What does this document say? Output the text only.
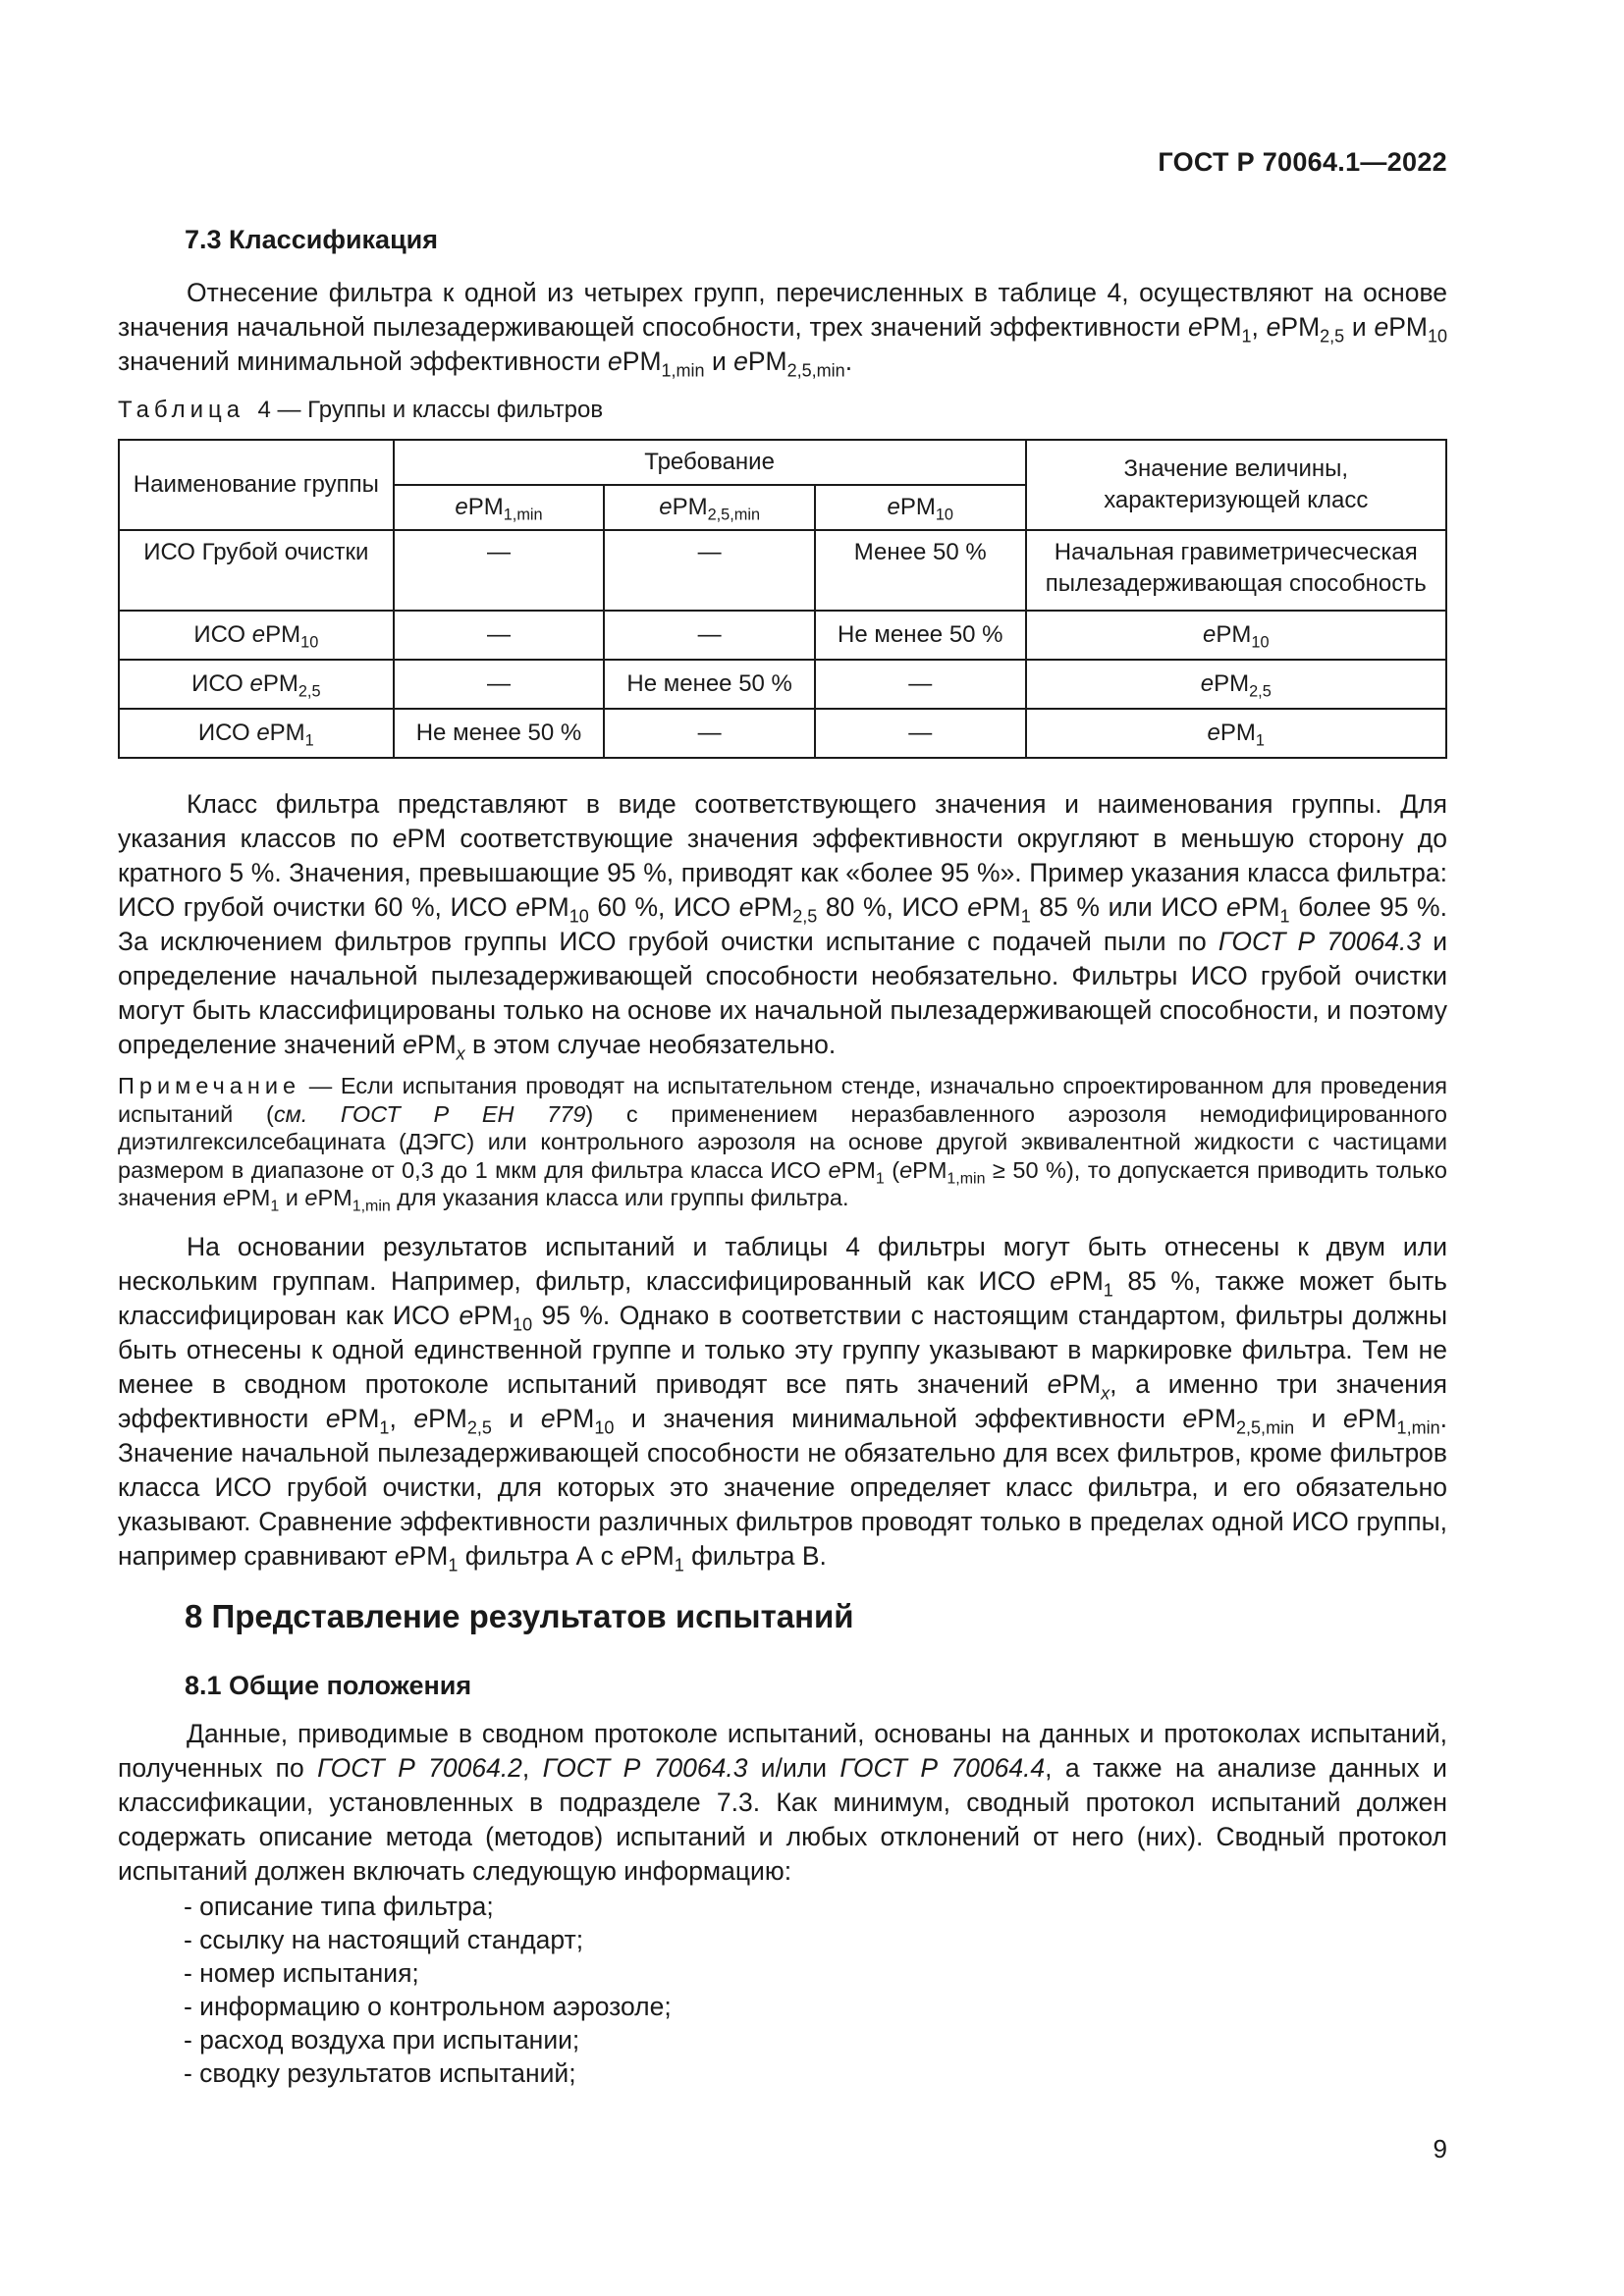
ГОСТ Р 70064.1—2022
7.3 Классификация
Отнесение фильтра к одной из четырех групп, перечисленных в таблице 4, осуществляют на основе значения начальной пылезадерживающей способности, трех значений эффективности ePM$_1$, ePM$_{2,5}$ и ePM$_{10}$ значений минимальной эффективности ePM$_{1,min}$ и ePM$_{2,5,min}$.
Таблица 4 — Группы и классы фильтров
Наименование группы	Требование			Значение величины, характеризующей класс
	ePM$_{1,min}$	ePM$_{2,5,min}$	ePM$_{10}$
ИСО Грубой очистки	—	—	Менее 50 %	Начальная гравиметричесческая пылезадерживающая способность
ИСО ePM$_{10}$	—	—	Не менее 50 %	ePM$_{10}$
ИСО ePM$_{2,5}$	—	Не менее 50 %	—	ePM$_{2,5}$
ИСО ePM$_1$	Не менее 50 %	—	—	ePM$_1$
Класс фильтра представляют в виде соответствующего значения и наименования группы. Для указания классов по ePM соответствующие значения эффективности округляют в меньшую сторону до кратного 5 %. Значения, превышающие 95 %, приводят как «более 95 %». Пример указания класса фильтра: ИСО грубой очистки 60 %, ИСО ePM$_{10}$ 60 %, ИСО ePM$_{2,5}$ 80 %, ИСО ePM$_1$ 85 % или ИСО ePM$_1$ более 95 %. За исключением фильтров группы ИСО грубой очистки испытание с подачей пыли по ГОСТ Р 70064.3 и определение начальной пылезадерживающей способности необязательно. Фильтры ИСО грубой очистки могут быть классифицированы только на основе их начальной пылезадерживающей способности, и поэтому определение значений ePM$_x$ в этом случае необязательно.
Примечание — Если испытания проводят на испытательном стенде, изначально спроектированном для проведения испытаний (см. ГОСТ Р ЕН 779) с применением неразбавленного аэрозоля немодифицированного диэтилгексилсебацината (ДЭГС) или контрольного аэрозоля на основе другой эквивалентной жидкости с частицами размером в диапазоне от 0,3 до 1 мкм для фильтра класса ИСО ePM$_1$ (ePM$_{1,min}$ ≥ 50 %), то допускается приводить только значения ePM$_1$ и ePM$_{1,min}$ для указания класса или группы фильтра.
На основании результатов испытаний и таблицы 4 фильтры могут быть отнесены к двум или нескольким группам. Например, фильтр, классифицированный как ИСО ePM$_1$ 85 %, также может быть классифицирован как ИСО ePM$_{10}$ 95 %. Однако в соответствии с настоящим стандартом, фильтры должны быть отнесены к одной единственной группе и только эту группу указывают в маркировке фильтра. Тем не менее в сводном протоколе испытаний приводят все пять значений ePM$_x$, а именно три значения эффективности ePM$_1$, ePM$_{2,5}$ и ePM$_{10}$ и значения минимальной эффективности ePM$_{2,5,min}$ и ePM$_{1,min}$. Значение начальной пылезадерживающей способности не обязательно для всех фильтров, кроме фильтров класса ИСО грубой очистки, для которых это значение определяет класс фильтра, и его обязательно указывают. Сравнение эффективности различных фильтров проводят только в пределах одной ИСО группы, например сравнивают ePM$_1$ фильтра А с ePM$_1$ фильтра В.
8 Представление результатов испытаний
8.1 Общие положения
Данные, приводимые в сводном протоколе испытаний, основаны на данных и протоколах испытаний, полученных по ГОСТ Р 70064.2, ГОСТ Р 70064.3 и/или ГОСТ Р 70064.4, а также на анализе данных и классификации, установленных в подразделе 7.3. Как минимум, сводный протокол испытаний должен содержать описание метода (методов) испытаний и любых отклонений от него (них). Сводный протокол испытаний должен включать следующую информацию:
- описание типа фильтра;
- ссылку на настоящий стандарт;
- номер испытания;
- информацию о контрольном аэрозоле;
- расход воздуха при испытании;
- сводку результатов испытаний;
9
